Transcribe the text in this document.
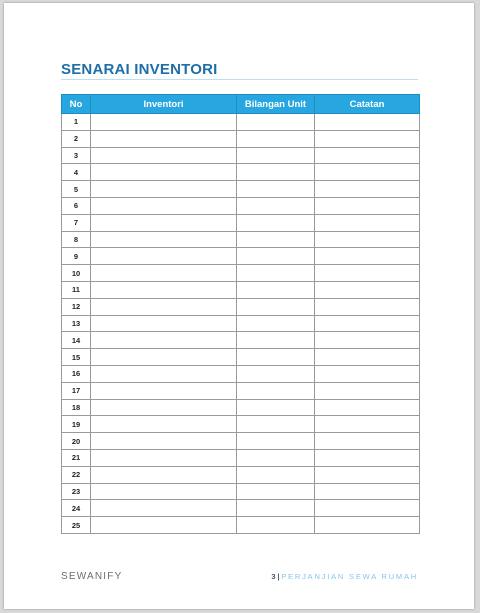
SENARAI INVENTORI
No	Inventori	Bilangan Unit	Catatan
1			
2			
3			
4			
5			
6			
7			
8			
9			
10			
11			
12			
13			
14			
15			
16			
17			
18			
19			
20			
21			
22			
23			
24			
25			
SEWANIFY	3|PERJANJIAN SEWA RUMAH
